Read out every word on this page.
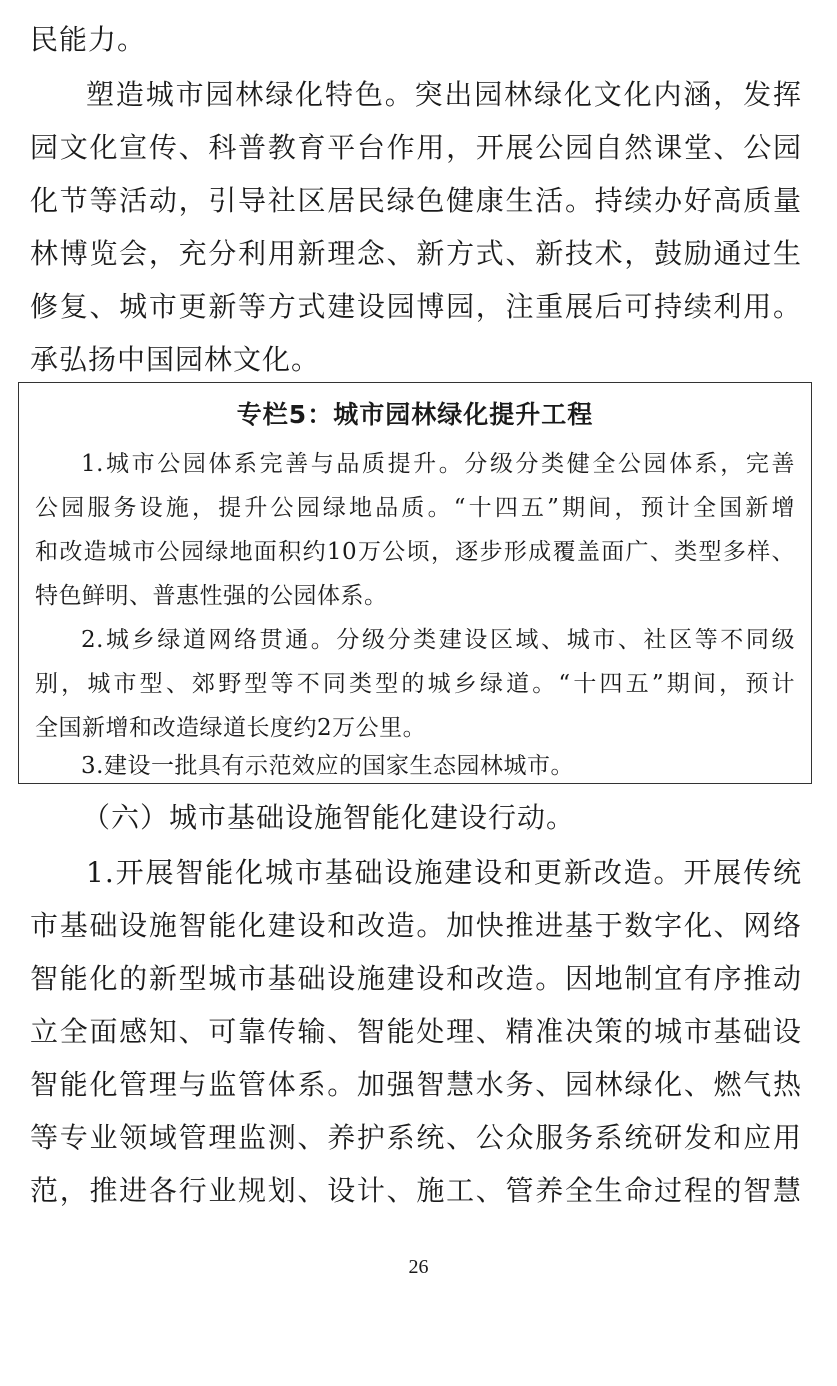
民能力。
塑造城市园林绿化特色。突出园林绿化文化内涵，发挥
园文化宣传、科普教育平台作用，开展公园自然课堂、公园
化节等活动，引导社区居民绿色健康生活。持续办好高质量
林博览会，充分利用新理念、新方式、新技术，鼓励通过生
修复、城市更新等方式建设园博园，注重展后可持续利用。
承弘扬中国园林文化。
专栏5：城市园林绿化提升工程
1.城市公园体系完善与品质提升。分级分类健全公园体系，完善
公园服务设施，提升公园绿地品质。“十四五”期间，预计全国新增
和改造城市公园绿地面积约10万公顷，逐步形成覆盖面广、类型多样、
特色鲜明、普惠性强的公园体系。
2.城乡绿道网络贯通。分级分类建设区域、城市、社区等不同级
别，城市型、郊野型等不同类型的城乡绿道。“十四五”期间，预计
全国新增和改造绿道长度约2万公里。
3.建设一批具有示范效应的国家生态园林城市。
（六）城市基础设施智能化建设行动。
1.开展智能化城市基础设施建设和更新改造。开展传统
市基础设施智能化建设和改造。加快推进基于数字化、网络
智能化的新型城市基础设施建设和改造。因地制宜有序推动
立全面感知、可靠传输、智能处理、精准决策的城市基础设
智能化管理与监管体系。加强智慧水务、园林绿化、燃气热
等专业领域管理监测、养护系统、公众服务系统研发和应用
范，推进各行业规划、设计、施工、管养全生命过程的智慧
26
